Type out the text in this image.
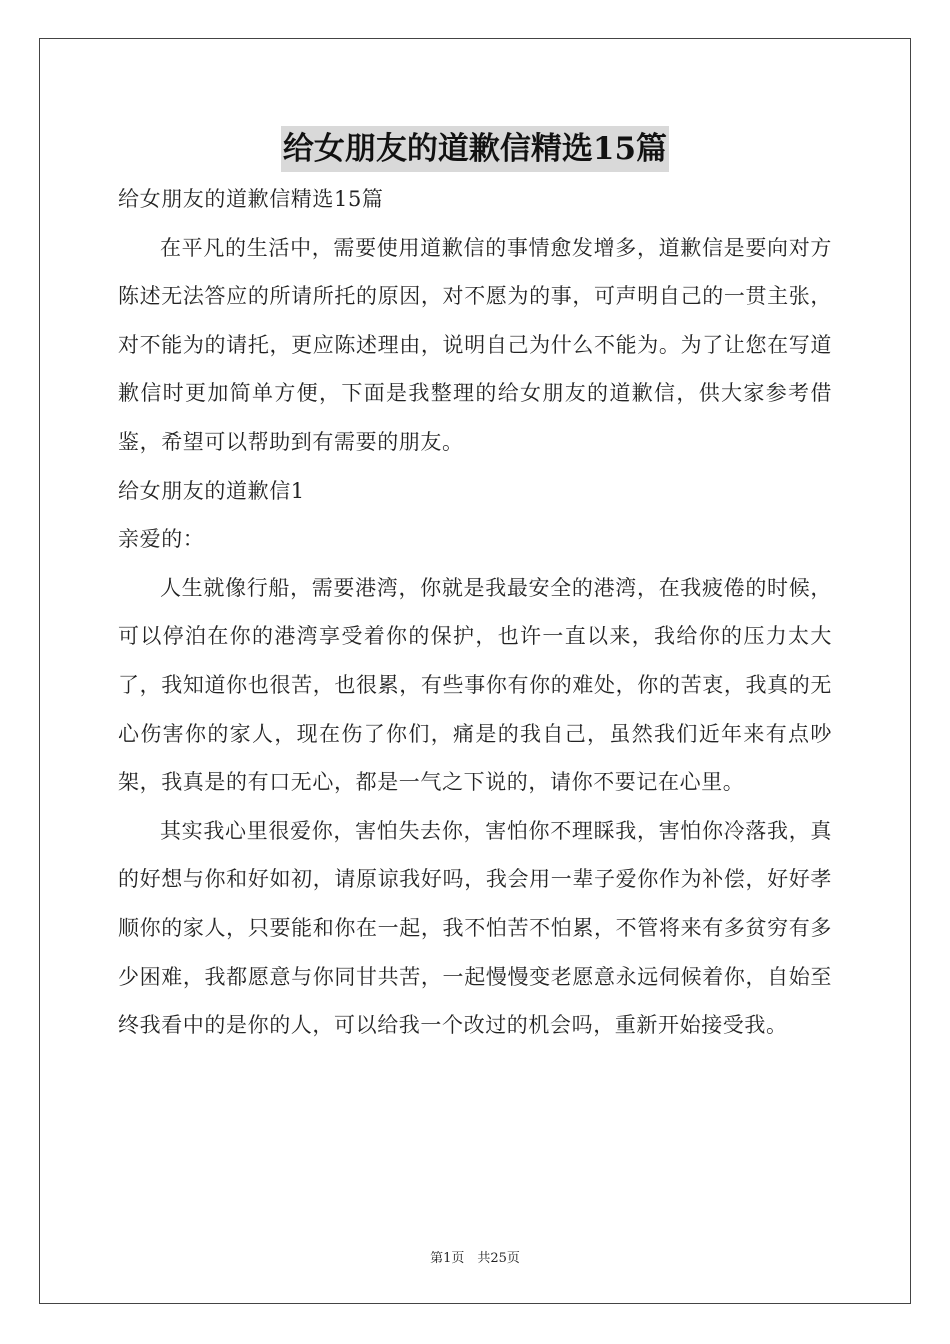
给女朋友的道歉信精选15篇

给女朋友的道歉信精选15篇

在平凡的生活中，需要使用道歉信的事情愈发增多，道歉信是要向对方陈述无法答应的所请所托的原因，对不愿为的事，可声明自己的一贯主张，对不能为的请托，更应陈述理由，说明自己为什么不能为。为了让您在写道歉信时更加简单方便，下面是我整理的给女朋友的道歉信，供大家参考借鉴，希望可以帮助到有需要的朋友。

给女朋友的道歉信1

亲爱的：

人生就像行船，需要港湾，你就是我最安全的港湾，在我疲倦的时候，可以停泊在你的港湾享受着你的保护，也许一直以来，我给你的压力太大了，我知道你也很苦，也很累，有些事你有你的难处，你的苦衷，我真的无心伤害你的家人，现在伤了你们，痛是的我自己，虽然我们近年来有点吵架，我真是的有口无心，都是一气之下说的，请你不要记在心里。

其实我心里很爱你，害怕失去你，害怕你不理睬我，害怕你冷落我，真的好想与你和好如初，请原谅我好吗，我会用一辈子爱你作为补偿，好好孝顺你的家人，只要能和你在一起，我不怕苦不怕累，不管将来有多贫穷有多少困难，我都愿意与你同甘共苦，一起慢慢变老愿意永远伺候着你，自始至终我看中的是你的人，可以给我一个改过的机会吗，重新开始接受我。

第1页　共25页
